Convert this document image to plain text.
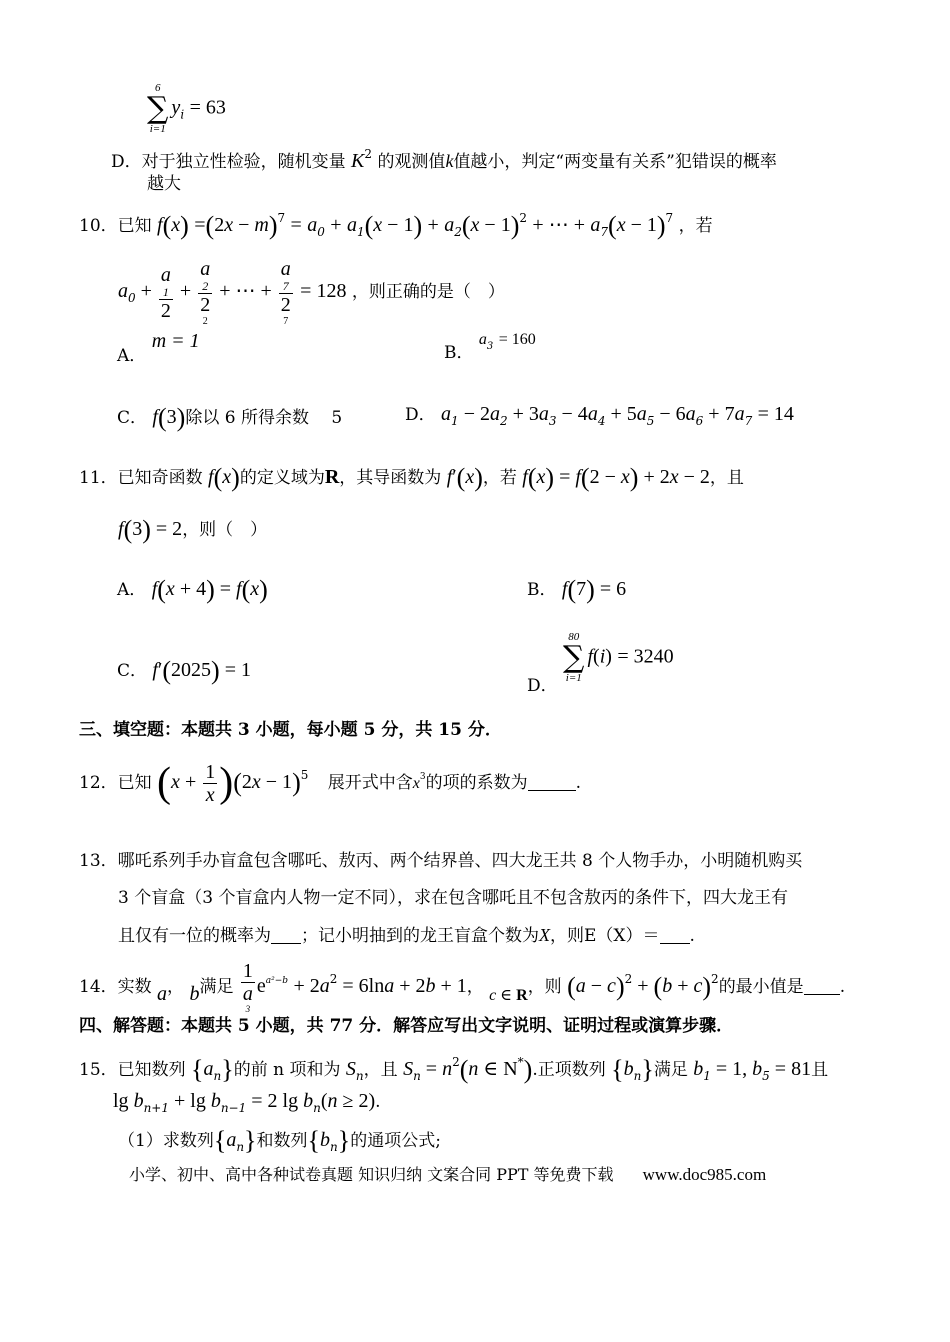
6
∑
i=1
$y_i = 63$
D．对于独立性检验，随机变量 $K^2$ 的观测值k值越小，判定“两变量有关系”犯错误的概率
越大
10．已知 $f(x) =(2x - m)^7 = a_0 + a_1(x - 1) + a_2(x - 1)^2$ + ⋯ + $a_7(x - 1)^7$ ，若
$a_0 + a$
1
2 + a
2
2
2 + ⋯ + a
7
2
7 = 128 ，则正确的是（　）
A． m = 1
B． $a_3 = 160$
C． f(3)除以 6 所得余数　 5	D． $a_1 - 2a_2 + 3a_3 - 4a_4 + 5a_5 - 6a_6 + 7a_7 = 14$
11．已知奇函数 f(x)的定义域为R，其导函数为 f′(x)，若 f(x) = f(2 − x) + 2x − 2，且
f(3) = 2，则（　）
A． f(x + 4) = f(x)	B． f(7) = 6
C． f′(2025) = 1
D．
80
∑
i=1
f(i) = 3240
三、填空题：本题共 3 小题，每小题 5 分，共 15 分．
12．已知 $(x + \frac{1}{x} )(2x - 1)^5$ 展开式中含$x^3$的项的系数为	.
13．哪吒系列手办盲盒包含哪吒、敖丙、两个结界兽、四大龙王共 8 个人物手办，小明随机购买
3 个盲盒（3 个盲盒内人物一定不同），求在包含哪吒且不包含敖丙的条件下，四大龙王有
且仅有一位的概率为 ；记小明抽到的龙王盲盒个数为X，则E（X）＝ .
14．实数 a， b满足 1
a
3 $e^{a^2-b} + 2a^2 = 6\ln a + 2b + 1$， c ∈ R，则 $(a - c)^2 + (b + c)^2$的最小值是 .
四、解答题：本题共 5 小题，共 77 分．解答应写出文字说明、证明过程或演算步骤．
15．已知数列 $\{a_n\}$的前 n 项和为 $S_n$，且 $S_n = n^2(n$ ∈ N*).正项数列 $\{b_n\}$满足 $b_1 = 1$, $b_5 = 81$且
$\lg b_{n+1} + \lg b_{n-1} = 2$ $\lg b_n(n \ge 2)$.
（1）求数列$\{a_n\}$和数列$\{b_n\}$的通项公式;
小学、初中、高中各种试卷真题 知识归纳 文案合同 PPT 等免费下载 www.doc985.com
